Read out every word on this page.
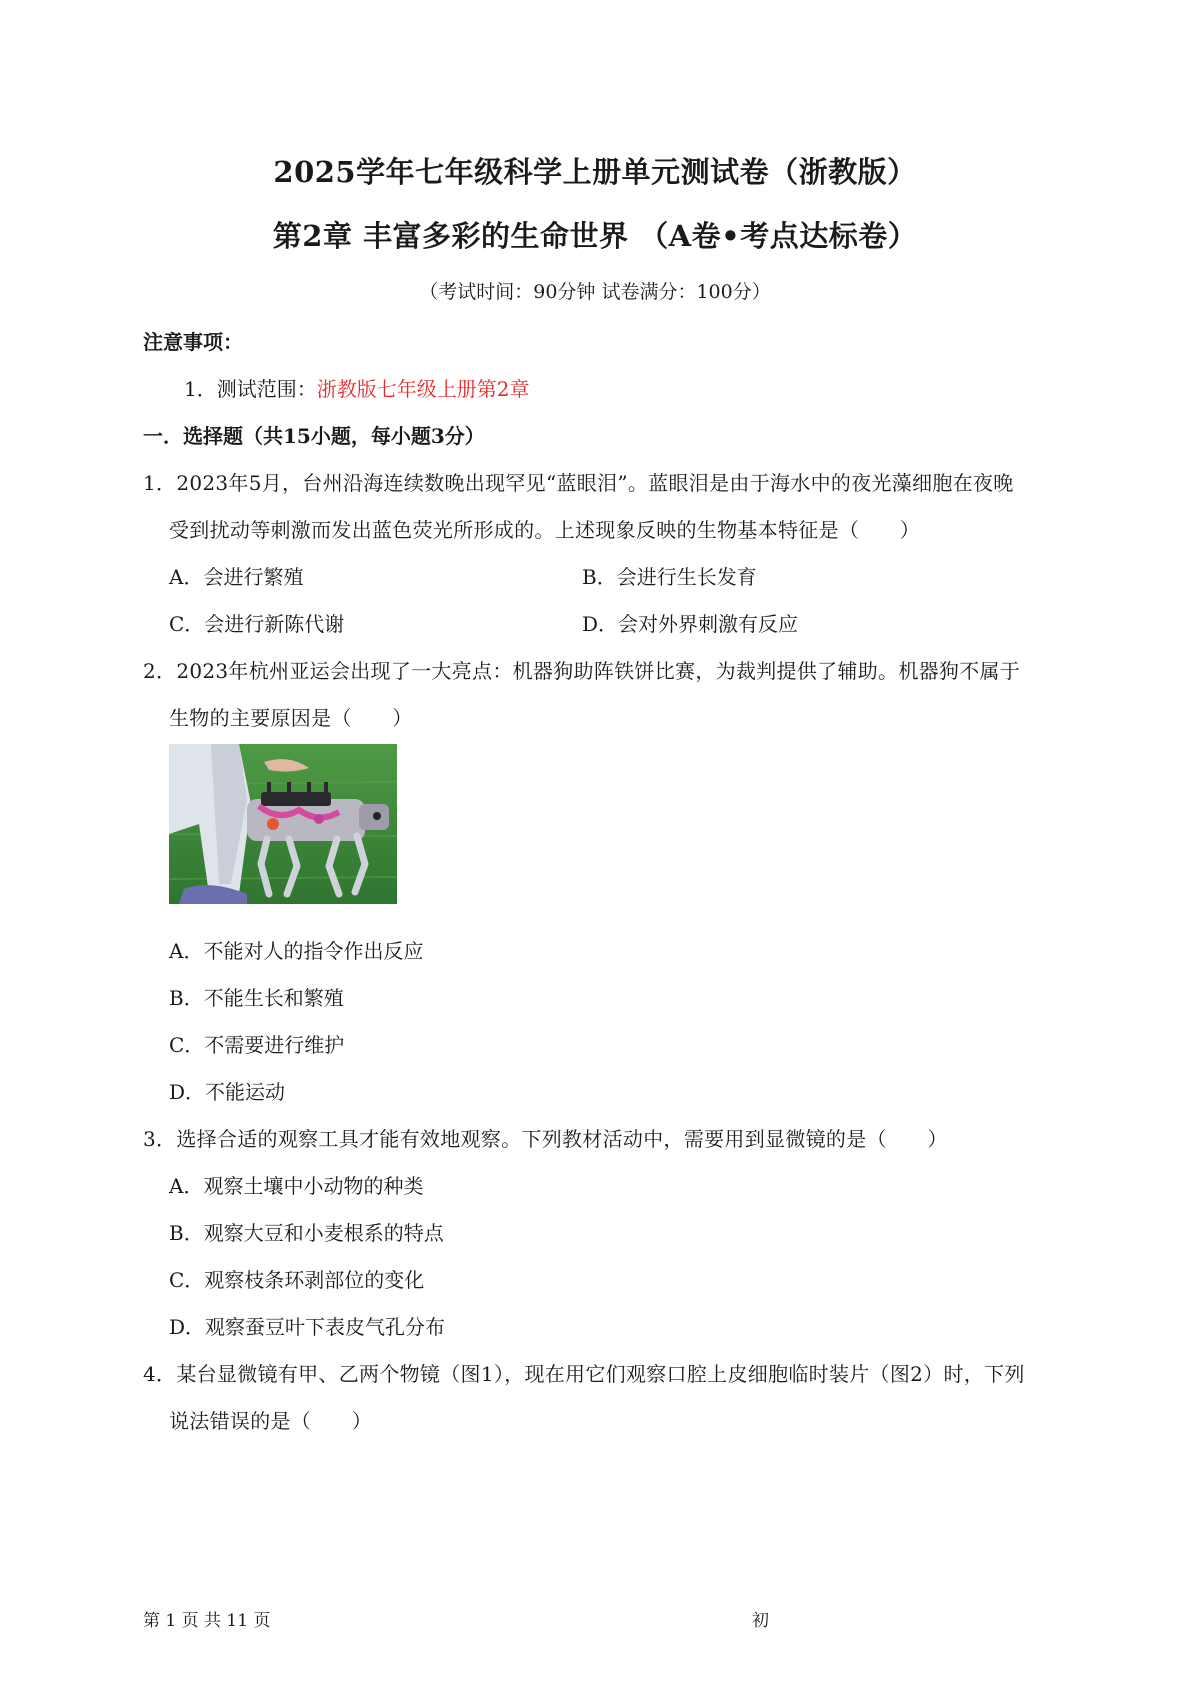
2025学年七年级科学上册单元测试卷（浙教版）
第2章 丰富多彩的生命世界 （A卷•考点达标卷）
（考试时间：90分钟 试卷满分：100分）
注意事项：
1．测试范围：浙教版七年级上册第2章
一．选择题（共15小题，每小题3分）
1．2023年5月，台州沿海连续数晚出现罕见“蓝眼泪”。蓝眼泪是由于海水中的夜光藻细胞在夜晚
受到扰动等刺激而发出蓝色荧光所形成的。上述现象反映的生物基本特征是（　　）
A．会进行繁殖	B．会进行生长发育
C．会进行新陈代谢	D．会对外界刺激有反应
2．2023年杭州亚运会出现了一大亮点：机器狗助阵铁饼比赛，为裁判提供了辅助。机器狗不属于
生物的主要原因是（　　）
A．不能对人的指令作出反应
B．不能生长和繁殖
C．不需要进行维护
D．不能运动
3．选择合适的观察工具才能有效地观察。下列教材活动中，需要用到显微镜的是（　　）
A．观察土壤中小动物的种类
B．观察大豆和小麦根系的特点
C．观察枝条环剥部位的变化
D．观察蚕豆叶下表皮气孔分布
4．某台显微镜有甲、乙两个物镜（图1），现在用它们观察口腔上皮细胞临时装片（图2）时，下列
说法错误的是（　　）
第 1 页 共 11 页	初
